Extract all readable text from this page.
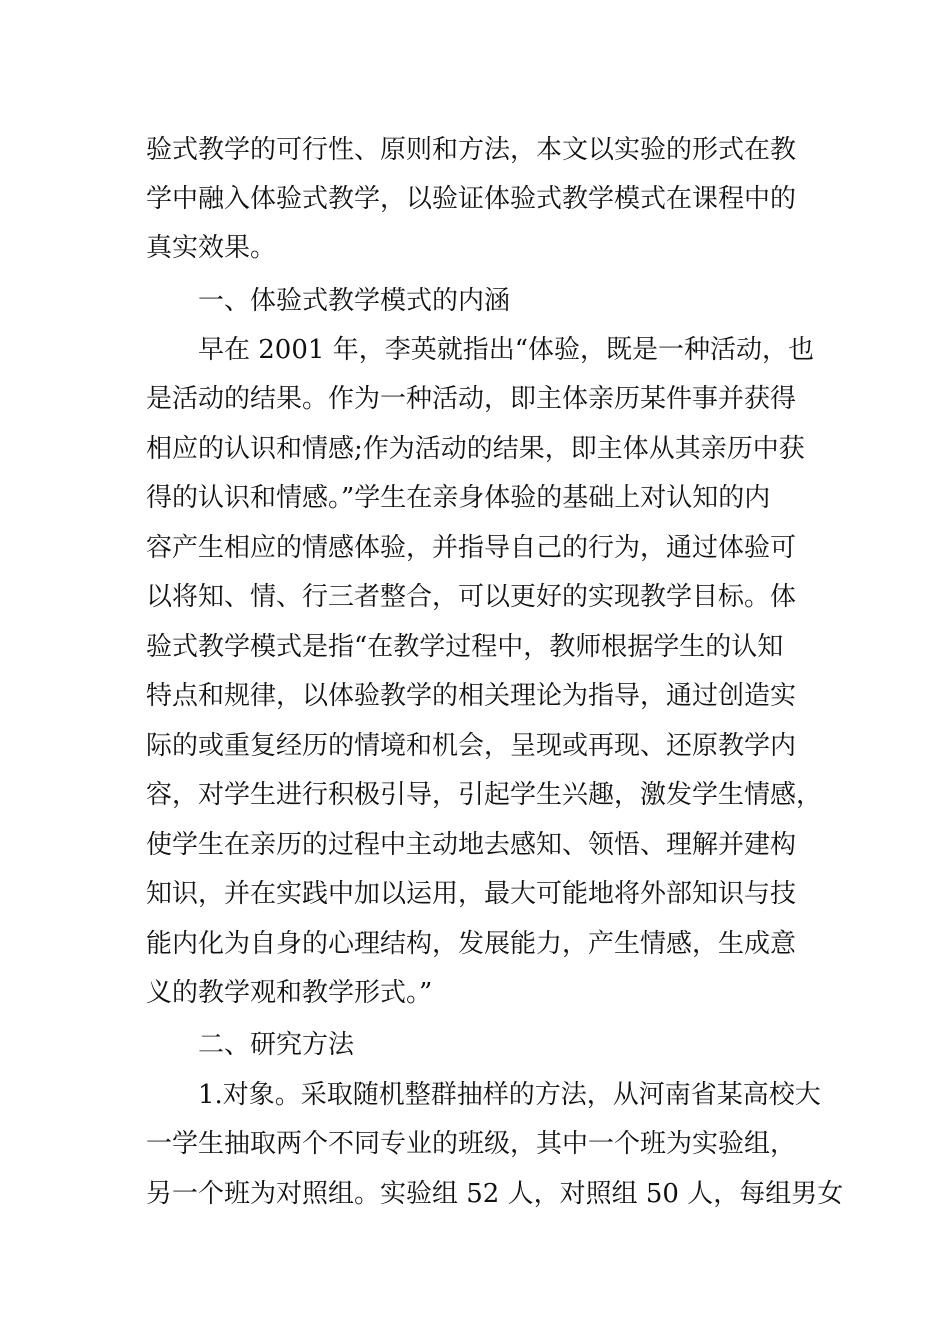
验式教学的可行性、原则和方法，本文以实验的形式在教
学中融入体验式教学，以验证体验式教学模式在课程中的
真实效果。
一、体验式教学模式的内涵
早在 2001 年，李英就指出“体验，既是一种活动，也
是活动的结果。作为一种活动，即主体亲历某件事并获得
相应的认识和情感;作为活动的结果，即主体从其亲历中获
得的认识和情感。”学生在亲身体验的基础上对认知的内
容产生相应的情感体验，并指导自己的行为，通过体验可
以将知、情、行三者整合，可以更好的实现教学目标。体
验式教学模式是指“在教学过程中，教师根据学生的认知
特点和规律，以体验教学的相关理论为指导，通过创造实
际的或重复经历的情境和机会，呈现或再现、还原教学内
容，对学生进行积极引导，引起学生兴趣，激发学生情感，
使学生在亲历的过程中主动地去感知、领悟、理解并建构
知识，并在实践中加以运用，最大可能地将外部知识与技
能内化为自身的心理结构，发展能力，产生情感，生成意
义的教学观和教学形式。”
二、研究方法
1.对象。采取随机整群抽样的方法，从河南省某高校大
一学生抽取两个不同专业的班级，其中一个班为实验组，
另一个班为对照组。实验组 52 人，对照组 50 人，每组男女
